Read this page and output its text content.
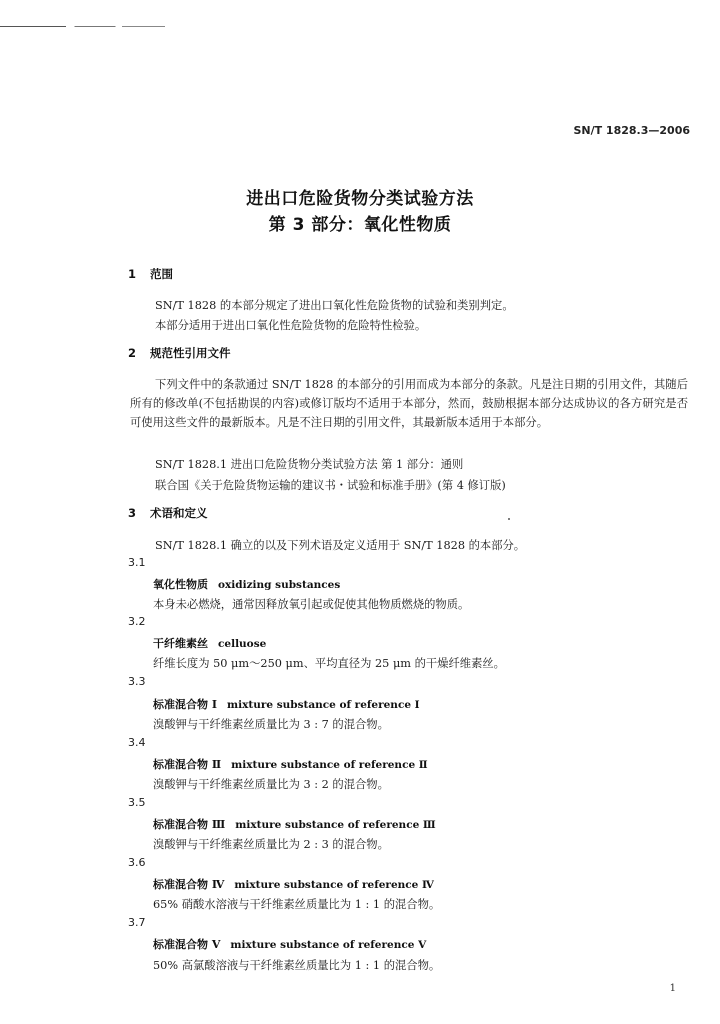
SN/T 1828.3—2006
进出口危险货物分类试验方法
第 3 部分：氧化性物质
1 范围
SN/T 1828 的本部分规定了进出口氧化性危险货物的试验和类别判定。
本部分适用于进出口氧化性危险货物的危险特性检验。
2 规范性引用文件
下列文件中的条款通过 SN/T 1828 的本部分的引用而成为本部分的条款。凡是注日期的引用文件，其随后所有的修改单(不包括勘误的内容)或修订版均不适用于本部分，然而，鼓励根据本部分达成协议的各方研究是否可使用这些文件的最新版本。凡是不注日期的引用文件，其最新版本适用于本部分。
SN/T 1828.1 进出口危险货物分类试验方法 第 1 部分：通则
联合国《关于危险货物运输的建议书・试验和标准手册》(第 4 修订版)
3 术语和定义
SN/T 1828.1 确立的以及下列术语及定义适用于 SN/T 1828 的本部分。
3.1
氧化性物质 oxidizing substances
本身未必燃烧，通常因释放氧引起或促使其他物质燃烧的物质。
3.2
干纤维素丝 celluose
纤维长度为 50 μm～250 μm、平均直径为 25 μm 的干燥纤维素丝。
3.3
标准混合物 Ⅰ mixture substance of reference Ⅰ
溴酸钾与干纤维素丝质量比为 3 : 7 的混合物。
3.4
标准混合物 Ⅱ mixture substance of reference Ⅱ
溴酸钾与干纤维素丝质量比为 3 : 2 的混合物。
3.5
标准混合物 Ⅲ mixture substance of reference Ⅲ
溴酸钾与干纤维素丝质量比为 2 : 3 的混合物。
3.6
标准混合物 Ⅳ mixture substance of reference Ⅳ
65% 硝酸水溶液与干纤维素丝质量比为 1 : 1 的混合物。
3.7
标准混合物 Ⅴ mixture substance of reference Ⅴ
50% 高氯酸溶液与干纤维素丝质量比为 1 : 1 的混合物。
1
